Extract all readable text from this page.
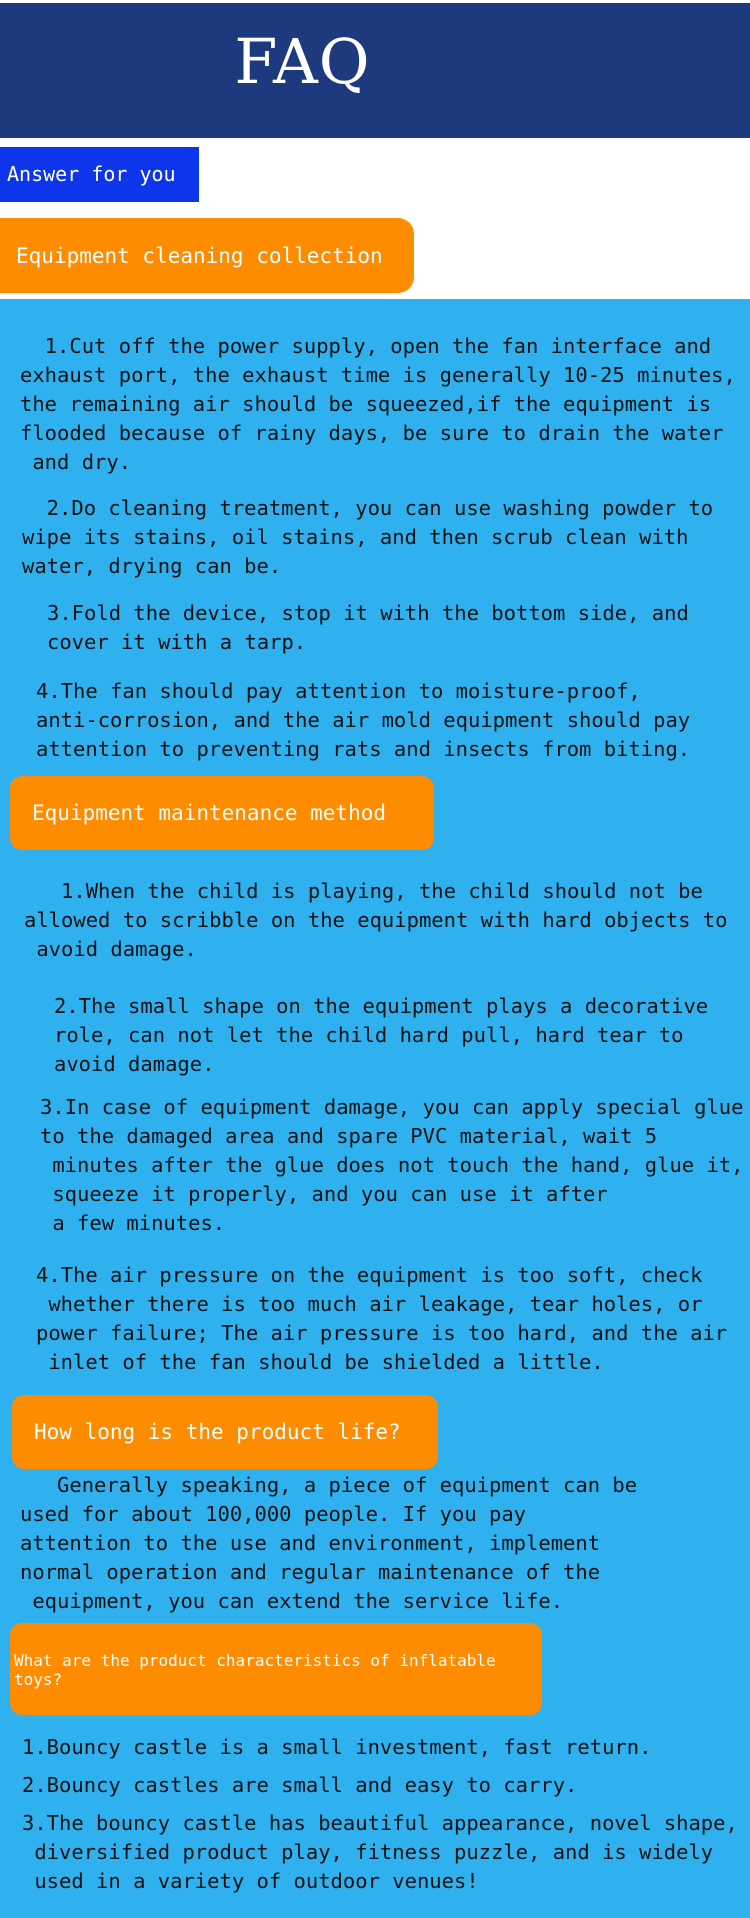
FAQ
Answer for you
Equipment cleaning collection

1.Cut off the power supply, open the fan interface and
exhaust port, the exhaust time is generally 10-25 minutes,
the remaining air should be squeezed,if the equipment is
flooded because of rainy days, be sure to drain the water
and dry.

2.Do cleaning treatment, you can use washing powder to
wipe its stains, oil stains, and then scrub clean with
water, drying can be.

3.Fold the device, stop it with the bottom side, and
cover it with a tarp.

4.The fan should pay attention to moisture-proof,
anti-corrosion, and the air mold equipment should pay
attention to preventing rats and insects from biting.

Equipment maintenance method

1.When the child is playing, the child should not be
allowed to scribble on the equipment with hard objects to
avoid damage.

2.The small shape on the equipment plays a decorative
role, can not let the child hard pull, hard tear to
avoid damage.

3.In case of equipment damage, you can apply special glue
to the damaged area and spare PVC material, wait 5
minutes after the glue does not touch the hand, glue it,
squeeze it properly, and you can use it after
a few minutes.

4.The air pressure on the equipment is too soft, check
whether there is too much air leakage, tear holes, or
power failure; The air pressure is too hard, and the air
inlet of the fan should be shielded a little.

How long is the product life?

Generally speaking, a piece of equipment can be
used for about 100,000 people. If you pay
attention to the use and environment, implement
normal operation and regular maintenance of the
equipment, you can extend the service life.

What are the product characteristics of inflatable toys?

1.Bouncy castle is a small investment, fast return.

2.Bouncy castles are small and easy to carry.

3.The bouncy castle has beautiful appearance, novel shape,
diversified product play, fitness puzzle, and is widely
used in a variety of outdoor venues!
